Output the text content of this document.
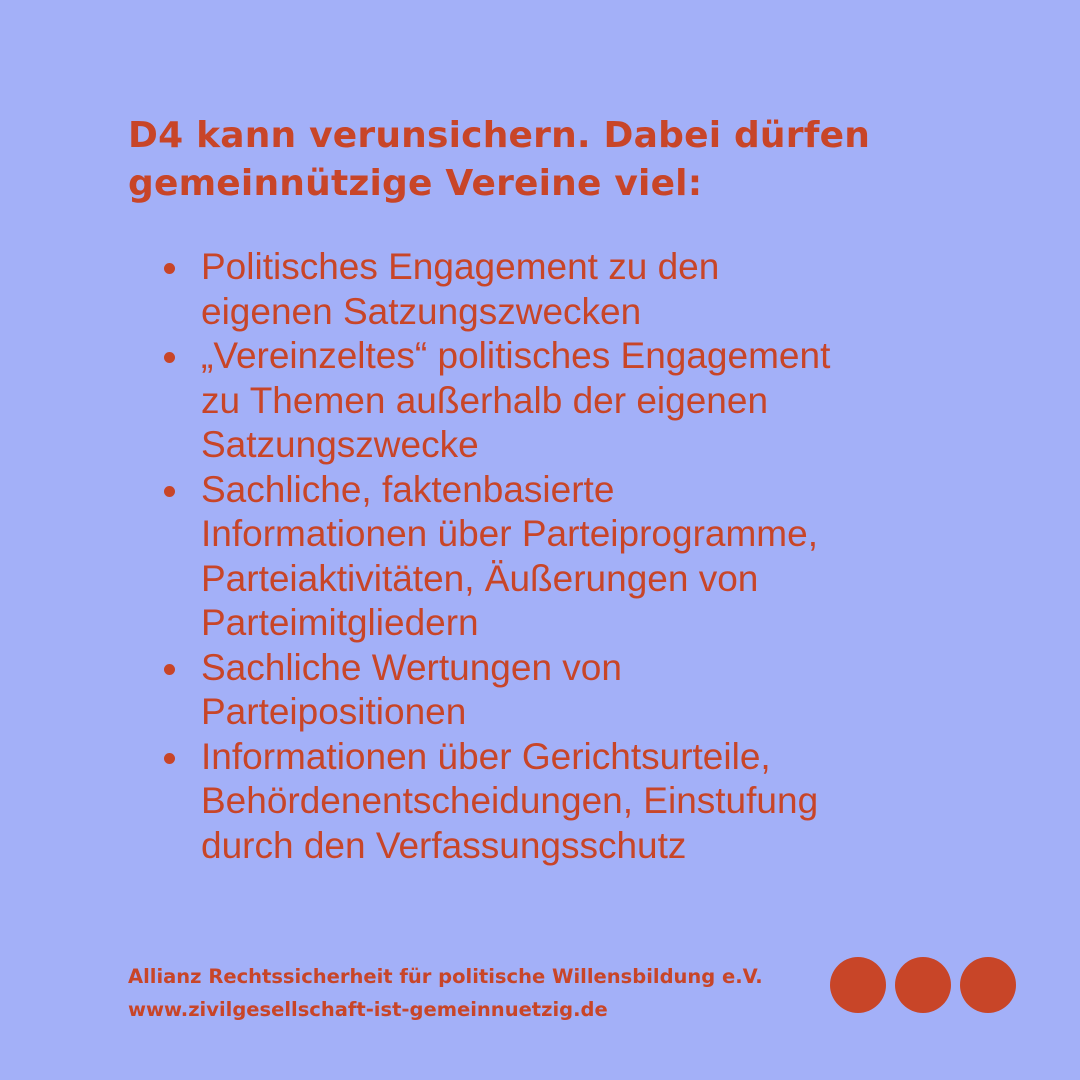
D4 kann verunsichern. Dabei dürfen
gemeinnützige Vereine viel:
Politisches Engagement zu den
eigenen Satzungszwecken
„Vereinzeltes“ politisches Engagement
zu Themen außerhalb der eigenen
Satzungszwecke
Sachliche, faktenbasierte
Informationen über Parteiprogramme,
Parteiaktivitäten, Äußerungen von
Parteimitgliedern
Sachliche Wertungen von
Parteipositionen
Informationen über Gerichtsurteile,
Behördenentscheidungen, Einstufung
durch den Verfassungsschutz
Allianz Rechtssicherheit für politische Willensbildung e.V.
www.zivilgesellschaft-ist-gemeinnuetzig.de
